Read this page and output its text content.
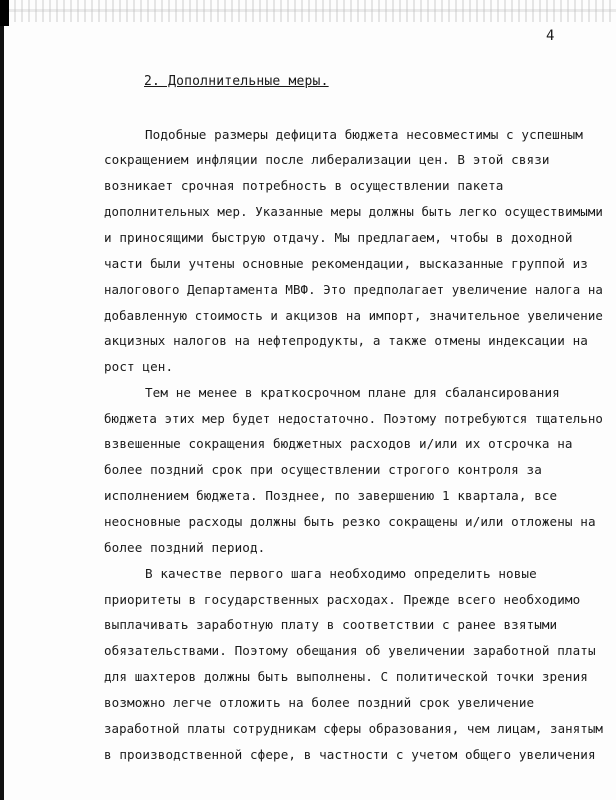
4
2. Дополнительные меры.
Подобные размеры дефицита бюджета несовместимы с успешным
сокращением инфляции после либерализации цен. В этой связи
возникает срочная потребность в осуществлении пакета
дополнительных мер. Указанные меры должны быть легко осуществимыми
и приносящими быструю отдачу. Мы предлагаем, чтобы в доходной
части были учтены основные рекомендации, высказанные группой из
налогового Департамента МВФ. Это предполагает увеличение налога на
добавленную стоимость и акцизов на импорт, значительное увеличение
акцизных налогов на нефтепродукты, а также отмены индексации на
рост цен.
Тем не менее в краткосрочном плане для сбалансирования
бюджета этих мер будет недостаточно. Поэтому потребуются тщательно
взвешенные сокращения бюджетных расходов и/или их отсрочка на
более поздний срок при осуществлении строгого контроля за
исполнением бюджета. Позднее, по завершению 1 квартала, все
неосновные расходы должны быть резко сокращены и/или отложены на
более поздний период.
В качестве первого шага необходимо определить новые
приоритеты в государственных расходах. Прежде всего необходимо
выплачивать заработную плату в соответствии с ранее взятыми
обязательствами. Поэтому обещания об увеличении заработной платы
для шахтеров должны быть выполнены. С политической точки зрения
возможно легче отложить на более поздний срок увеличение
заработной платы сотрудникам сферы образования, чем лицам, занятым
в производственной сфере, в частности с учетом общего увеличения
